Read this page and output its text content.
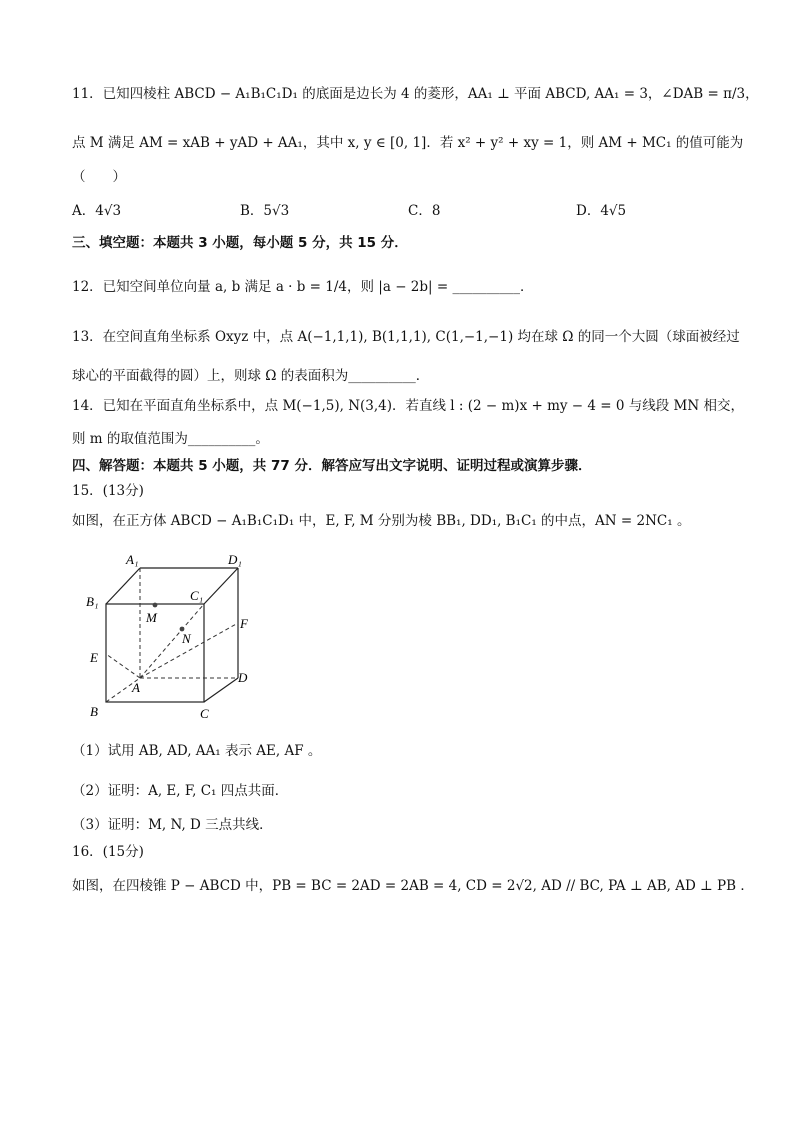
11．已知四棱柱 ABCD − A₁B₁C₁D₁ 的底面是边长为 4 的菱形，AA₁ ⊥ 平面 ABCD, AA₁ = 3，∠DAB = π/3，
点 M 满足 AM = xAB + yAD + AA₁，其中 x, y ∈ [0, 1]．若 x² + y² + xy = 1，则 AM + MC₁ 的值可能为
（　　）
A．4√3	B．5√3	C．8	D．4√5
三、填空题：本题共 3 小题，每小题 5 分，共 15 分．
12．已知空间单位向量 a, b 满足 a · b = 1/4，则 |a − 2b| = __________．
13．在空间直角坐标系 Oxyz 中，点 A(−1,1,1), B(1,1,1), C(1,−1,−1) 均在球 Ω 的同一个大圆（球面被经过
球心的平面截得的圆）上，则球 Ω 的表面积为__________．
14．已知在平面直角坐标系中，点 M(−1,5), N(3,4)．若直线 l : (2 − m)x + my − 4 = 0 与线段 MN 相交，
则 m 的取值范围为__________。
四、解答题：本题共 5 小题，共 77 分．解答应写出文字说明、证明过程或演算步骤．
15．(13分)
如图，在正方体 ABCD − A₁B₁C₁D₁ 中，E, F, M 分别为棱 BB₁, DD₁, B₁C₁ 的中点，AN = 2NC₁ 。
A₁	D₁
B₁	C₁
M
N
F
E
A
D
B	C
（1）试用 AB, AD, AA₁ 表示 AE, AF 。
（2）证明：A, E, F, C₁ 四点共面．
（3）证明：M, N, D 三点共线．
16．(15分)
如图，在四棱锥 P − ABCD 中，PB = BC = 2AD = 2AB = 4, CD = 2√2, AD // BC, PA ⊥ AB, AD ⊥ PB ．
